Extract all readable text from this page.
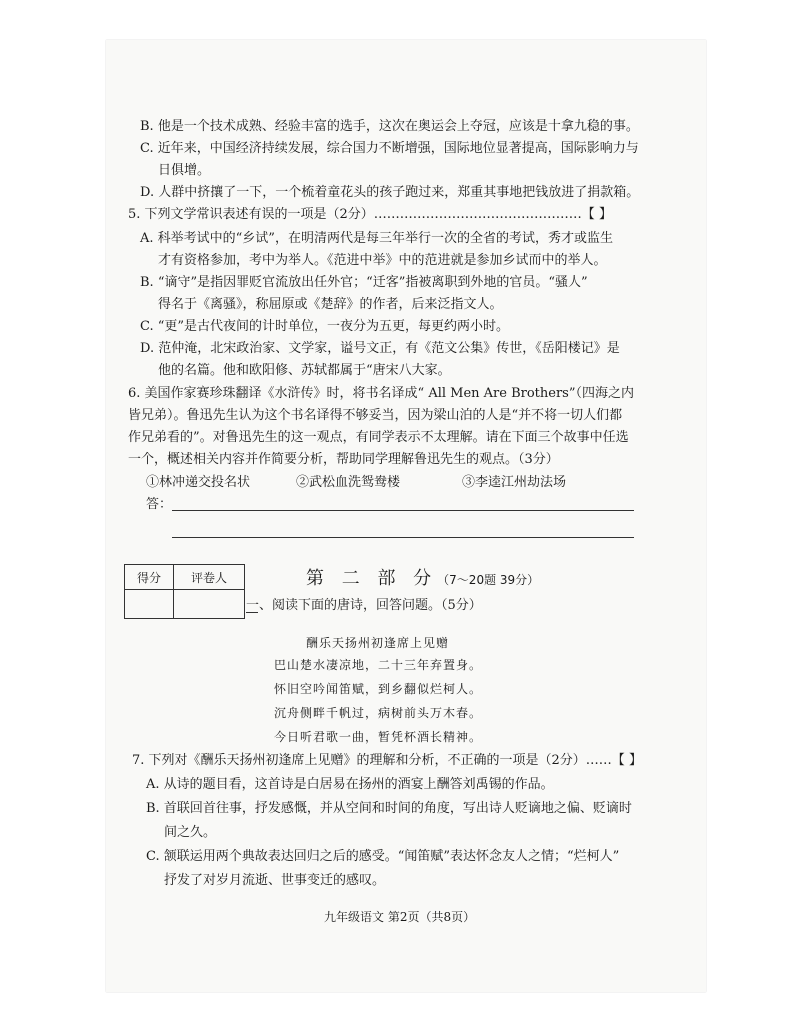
B. 他是一个技术成熟、经验丰富的选手，这次在奥运会上夺冠，应该是十拿九稳的事。
C. 近年来，中国经济持续发展，综合国力不断增强，国际地位显著提高，国际影响力与
日俱增。
D. 人群中挤攘了一下，一个梳着童花头的孩子跑过来，郑重其事地把钱放进了捐款箱。
5. 下列文学常识表述有误的一项是（2分）…………………………………………【 】
A. 科举考试中的“乡试”，在明清两代是每三年举行一次的全省的考试，秀才或监生
才有资格参加，考中为举人。《范进中举》中的范进就是参加乡试而中的举人。
B. “谪守”是指因罪贬官流放出任外官；“迁客”指被离职到外地的官员。“骚人”
得名于《离骚》，称屈原或《楚辞》的作者，后来泛指文人。
C. “更”是古代夜间的计时单位，一夜分为五更，每更约两小时。
D. 范仲淹，北宋政治家、文学家，谥号文正，有《范文公集》传世，《岳阳楼记》是
他的名篇。他和欧阳修、苏轼都属于“唐宋八大家。
6. 美国作家赛珍珠翻译《水浒传》时，将书名译成“ All Men Are Brothers”（四海之内
皆兄弟）。鲁迅先生认为这个书名译得不够妥当，因为梁山泊的人是“并不将一切人们都
作兄弟看的”。对鲁迅先生的这一观点，有同学表示不太理解。请在下面三个故事中任选
一个，概述相关内容并作简要分析，帮助同学理解鲁迅先生的观点。（3分）
①林冲递交投名状	②武松血洗鸳鸯楼	③李逵江州劫法场
答：
得分	评卷人
		第 二 部 分（7～20题 39分）
一、阅读下面的唐诗，回答问题。（5分）
酬乐天扬州初逢席上见赠
巴山楚水凄凉地，二十三年弃置身。
怀旧空吟闻笛赋，到乡翻似烂柯人。
沉舟侧畔千帆过，病树前头万木春。
今日听君歌一曲，暂凭杯酒长精神。
7. 下列对《酬乐天扬州初逢席上见赠》的理解和分析，不正确的一项是（2分）……【 】
A. 从诗的题目看，这首诗是白居易在扬州的酒宴上酬答刘禹锡的作品。
B. 首联回首往事，抒发感慨，并从空间和时间的角度，写出诗人贬谪地之偏、贬谪时
间之久。
C. 颔联运用两个典故表达回归之后的感受。“闻笛赋”表达怀念友人之情；“烂柯人”
抒发了对岁月流逝、世事变迁的感叹。
九年级语文 第2页（共8页）
